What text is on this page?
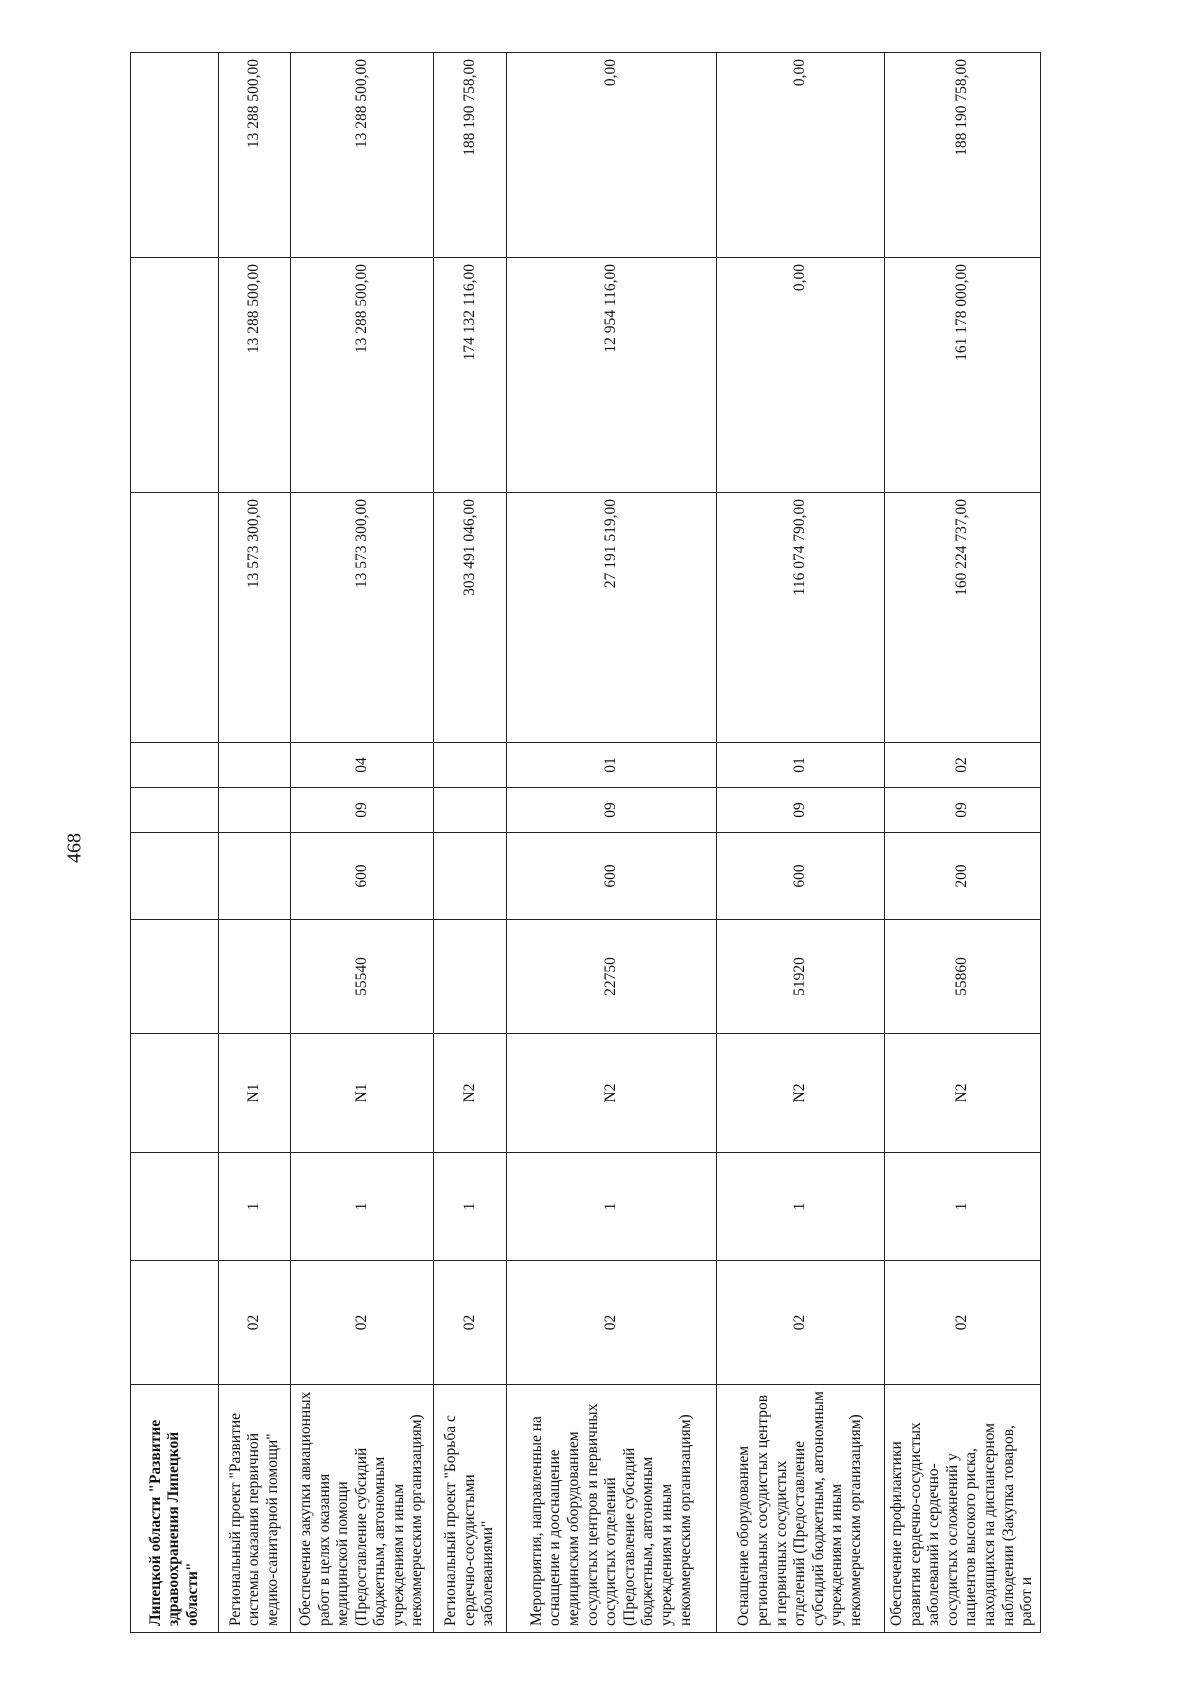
468
Липецкой области "Развитие здравоохранения Липецкой области"										
Региональный проект "Развитие системы оказания первичной медико-санитарной помощи"	02	1	N1					13 573 300,00	13 288 500,00	13 288 500,00
Обеспечение закупки авиационных работ в целях оказания медицинской помощи (Предоставление субсидий бюджетным, автономным учреждениям и иным некоммерческим организациям)	02	1	N1	55540	600	09	04	13 573 300,00	13 288 500,00	13 288 500,00
Региональный проект "Борьба с сердечно-сосудистыми заболеваниями"	02	1	N2					303 491 046,00	174 132 116,00	188 190 758,00
Мероприятия, направленные на оснащение и дооснащение медицинским оборудованием сосудистых центров и первичных сосудистых отделений (Предоставление субсидий бюджетным, автономным учреждениям и иным некоммерческим организациям)	02	1	N2	22750	600	09	01	27 191 519,00	12 954 116,00	0,00
Оснащение оборудованием региональных сосудистых центров и первичных сосудистых отделений (Предоставление субсидий бюджетным, автономным учреждениям и иным некоммерческим организациям)	02	1	N2	51920	600	09	01	116 074 790,00	0,00	0,00
Обеспечение профилактики развития сердечно-сосудистых заболеваний и сердечно-сосудистых осложнений у пациентов высокого риска, находящихся на диспансерном наблюдении (Закупка товаров, работ и	02	1	N2	55860	200	09	02	160 224 737,00	161 178 000,00	188 190 758,00
